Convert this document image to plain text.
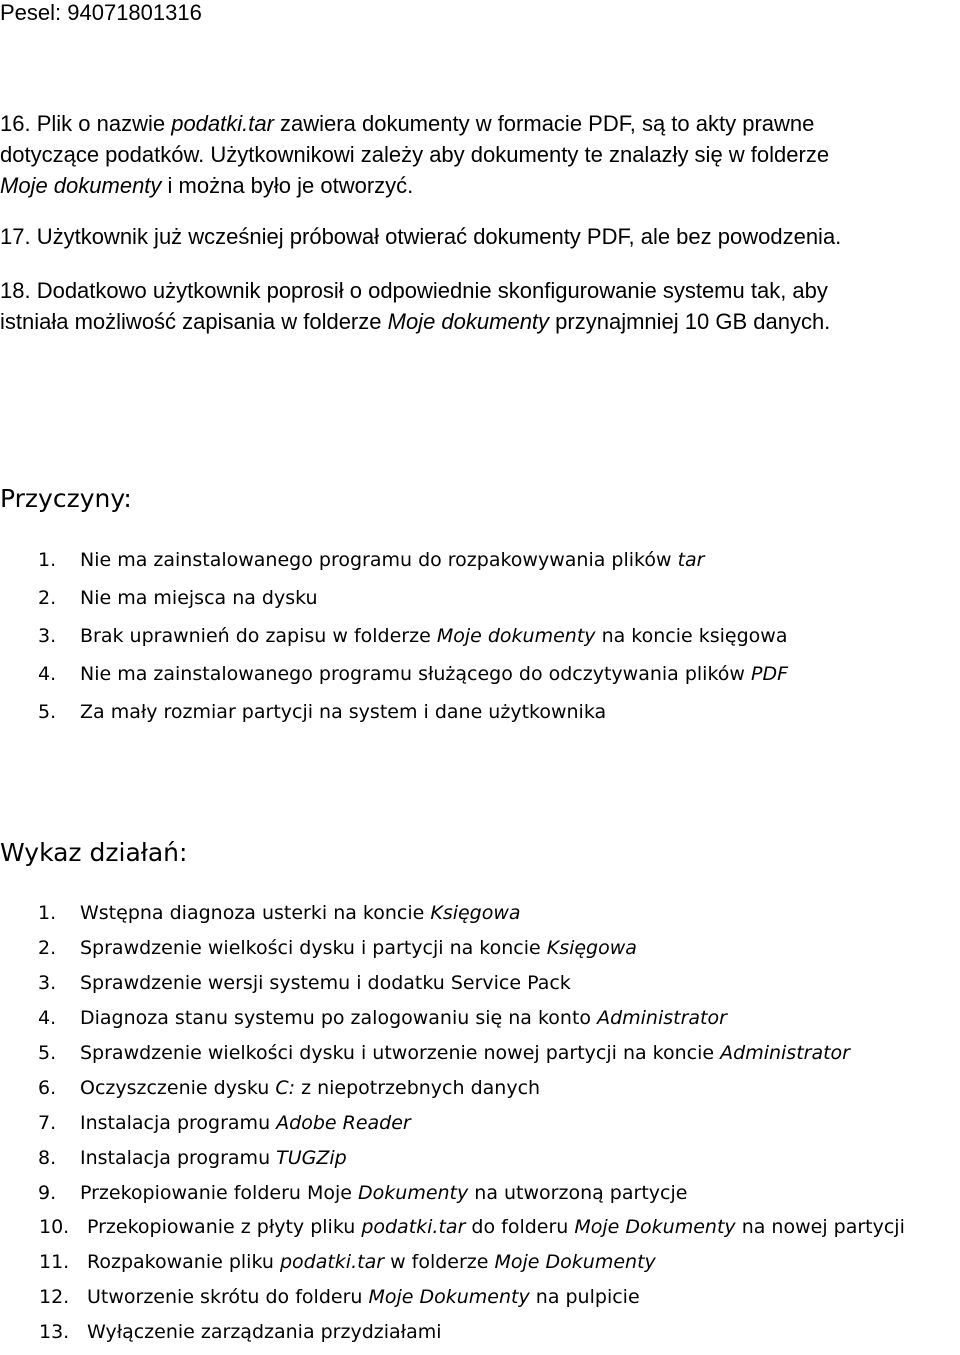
Pesel: 94071801316

16. Plik o nazwie podatki.tar zawiera dokumenty w formacie PDF, są to akty prawne
dotyczące podatków. Użytkownikowi zależy aby dokumenty te znalazły się w folderze
Moje dokumenty i można było je otworzyć.

17. Użytkownik już wcześniej próbował otwierać dokumenty PDF, ale bez powodzenia.

18. Dodatkowo użytkownik poprosił o odpowiednie skonfigurowanie systemu tak, aby
istniała możliwość zapisania w folderze Moje dokumenty przynajmniej 10 GB danych.

Przyczyny:
1. Nie ma zainstalowanego programu do rozpakowywania plików tar
2. Nie ma miejsca na dysku
3. Brak uprawnień do zapisu w folderze Moje dokumenty na koncie księgowa
4. Nie ma zainstalowanego programu służącego do odczytywania plików PDF
5. Za mały rozmiar partycji na system i dane użytkownika
Wykaz działań:
1. Wstępna diagnoza usterki na koncie Księgowa
2. Sprawdzenie wielkości dysku i partycji na koncie Księgowa
3. Sprawdzenie wersji systemu i dodatku Service Pack
4. Diagnoza stanu systemu po zalogowaniu się na konto Administrator
5. Sprawdzenie wielkości dysku i utworzenie nowej partycji na koncie Administrator
6. Oczyszczenie dysku C: z niepotrzebnych danych
7. Instalacja programu Adobe Reader
8. Instalacja programu TUGZip
9. Przekopiowanie folderu Moje Dokumenty na utworzoną partycje
10. Przekopiowanie z płyty pliku podatki.tar do folderu Moje Dokumenty na nowej partycji
11. Rozpakowanie pliku podatki.tar w folderze Moje Dokumenty
12. Utworzenie skrótu do folderu Moje Dokumenty na pulpicie
13. Wyłączenie zarządzania przydziałami
